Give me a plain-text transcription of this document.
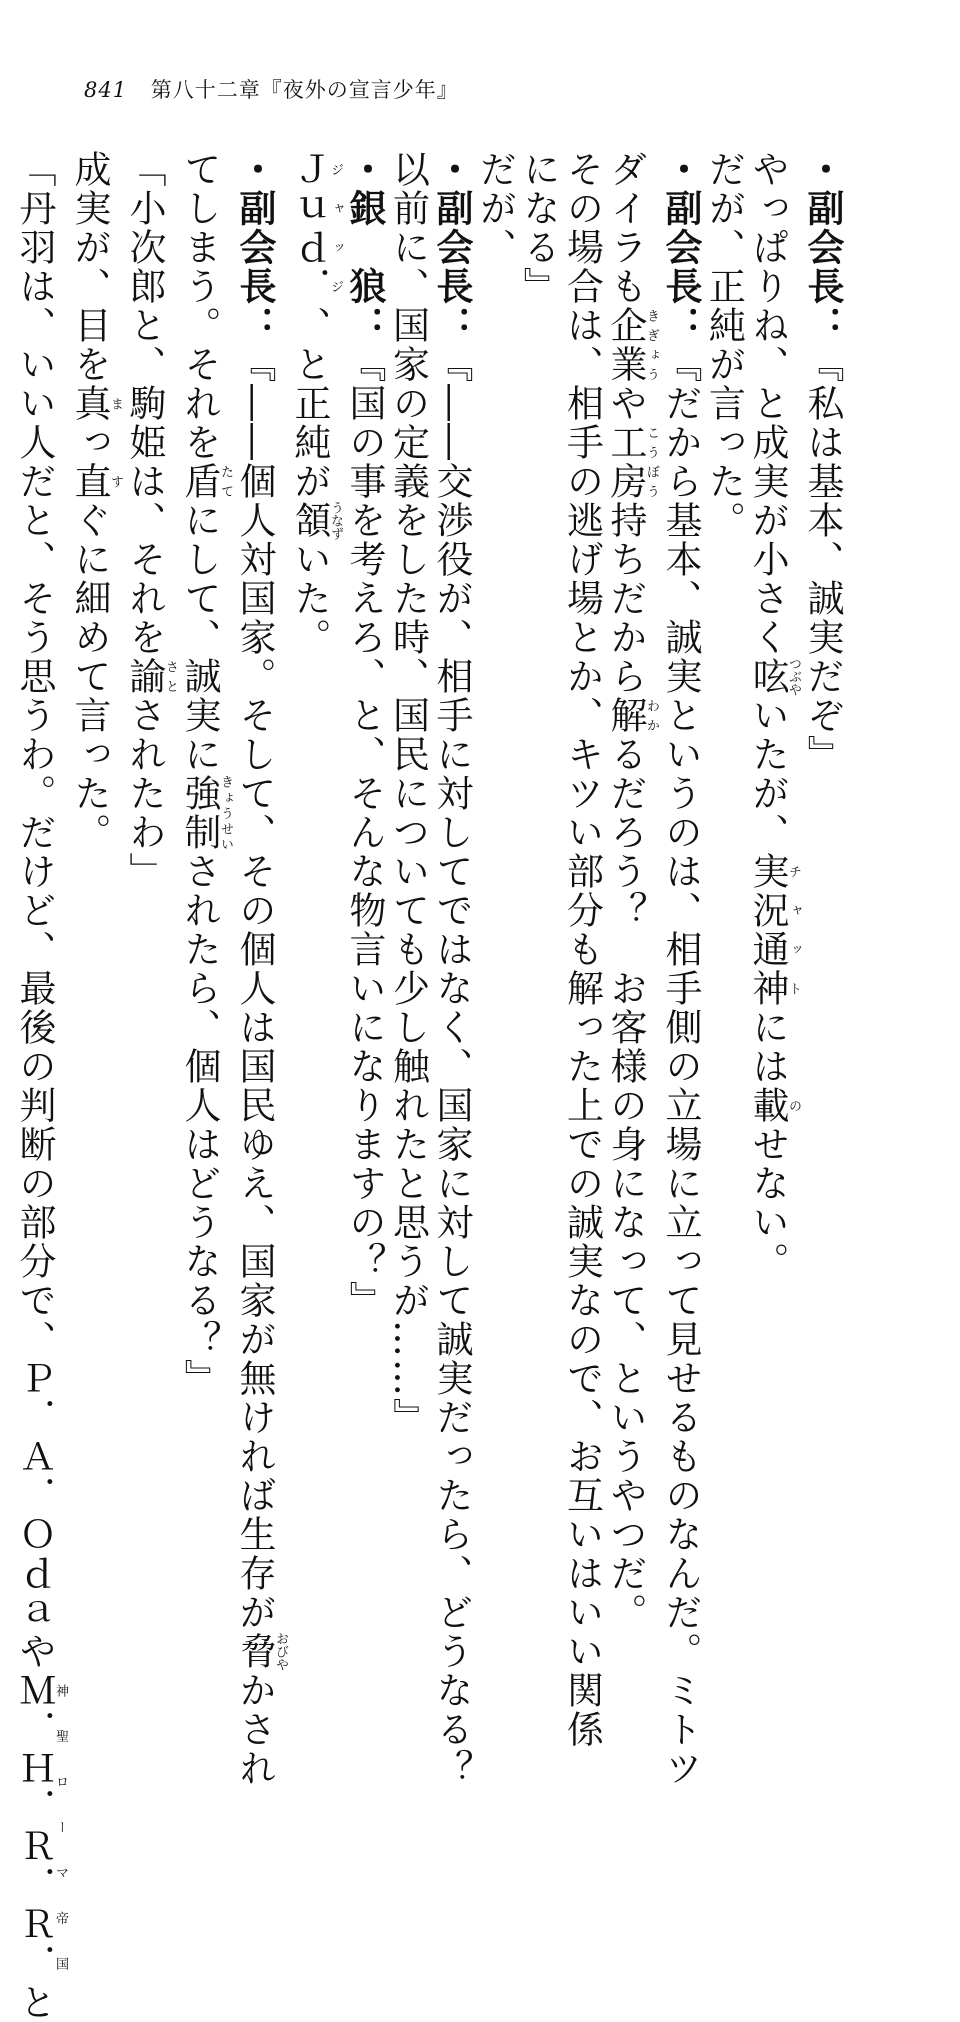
841 第八十二章『夜外の宣言少年』
・副会長：『私は基本、誠実だぞ』
やっぱりね、と成実が小さく呟つぶやいたが、実況通神チャットには載のせない。
だが、正純が言った。
・副会長：『だから基本、誠実というのは、相手側の立場に立って見せるものなんだ。ミトツ
ダイラも企業きぎょうや工房こうぼう持ちだから解わかるだろう？　お客様の身になって、というやつだ。
その場合は、相手の逃げ場とか、キツい部分も解った上での誠実なので、お互いはいい関係
になる』
だが、
・副会長：『――交渉役が、相手に対してではなく、国家に対して誠実だったら、どうなる？
以前に、国家の定義をした時、国民についても少し触れたと思うが……』
・銀　狼：『国の事を考えろ、と、そんな物言いになりますの？』
Ｊｕｄ．ジャッジ、と正純が頷うなずいた。
・副会長：『――個人対国家。そして、その個人は国民ゆえ、国家が無ければ生存が脅おびやかされ
てしまう。それを盾たてにして、誠実に強制きょうせいされたら、個人はどうなる？』
「小次郎と、駒姫は、それを諭さとされたわ」
成実が、目を真まっ直すぐに細めて言った。
「丹羽は、いい人だと、そう思うわ。だけど、最後の判断の部分で、Ｐ．Ａ．ＯｄａやＭ．Ｈ．Ｒ．Ｒ．神聖ローマ帝国と
